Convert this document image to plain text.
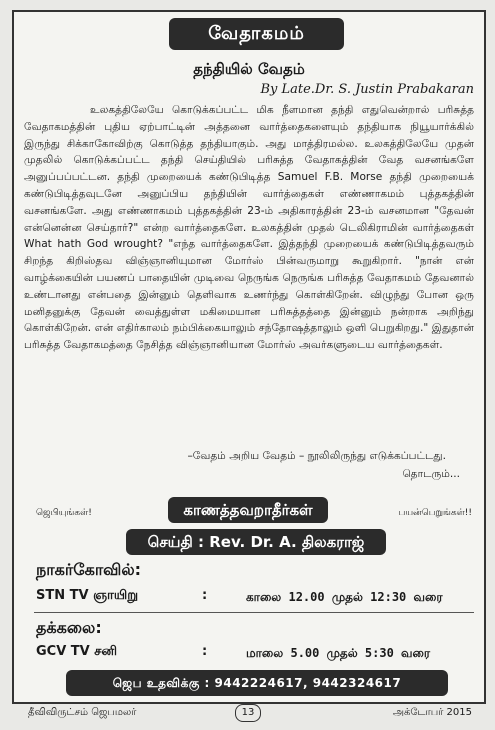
வேதாகமம்
தந்தியில் வேதம்
By Late.Dr. S. Justin Prabakaran

உலகத்திலேயே கொடுக்கப்பட்ட மிக நீளமான தந்தி எதுவென்றால் பரிசுத்த வேதாகமத்தின் புதிய ஏற்பாட்டின் அத்தனை வார்த்தைகளையும் தந்தியாக நியூயார்க்கில் இருந்து சிக்காகோவிற்கு கொடுத்த தந்தியாகும். அது மாத்திரமல்ல. உலகத்திலேயே முதன் முதலில் கொடுக்கப்பட்ட தந்தி செய்தியில் பரிசுத்த வேதாகத்தின் வேத வசனங்களே அனுப்பப்பட்டன. தந்தி முறையைக் கண்டுபிடித்த Samuel F.B. Morse தந்தி முறையைக் கண்டுபிடித்தவுடனே அனுப்பிய தந்தியின் வார்த்தைகள் எண்ணாகமம் புத்தகத்தின் வசனங்களே. அது எண்ணாகமம் புத்தகத்தின் 23-ம் அதிகாரத்தின் 23-ம் வசனமான "தேவன் என்னென்ன செய்தார்?" என்ற வார்த்தைகளே. உலகத்தின் முதல் டெலிகிராமின் வார்த்தைகள் What hath God wrought? "எந்த வார்த்தைகளே. இத்தந்தி முறையைக் கண்டுபிடித்தவரும் சிறந்த கிறிஸ்தவ விஞ்ஞானியுமான மோர்ஸ் பின்வருமாறு கூறுகிறார். "நான் என் வாழ்க்கையின் பயணப் பாதையின் முடிவை நெருங்க நெருங்க பரிசுத்த வேதாகமம் தேவனால் உண்டானது என்பதை இன்னும் தெளிவாக உணர்ந்து கொள்கிறேன். விழுந்து போன ஒரு மனிதனுக்கு தேவன் வைத்துள்ள மகிமையான பரிசுத்தத்தை இன்னும் நன்றாக அறிந்து கொள்கிறேன். என் எதிர்காலம் நம்பிக்கையாலும் சந்தோஷத்தாலும் ஒளி பெறுகிறது." இதுதான் பரிசுத்த வேதாகமத்தை நேசித்த விஞ்ஞானியான மோர்ஸ் அவர்களுடைய வார்த்தைகள்.

–வேதம் அறிய வேதம் – நூலிலிருந்து எடுக்கப்பட்டது.
தொடரும்...
ஜெபியுங்கள்!	பயன்பெறுங்கள்!!
காணத்தவறாதீர்கள்
செய்தி : Rev. Dr. A. திலகராஜ்
நாகர்கோவில்:
STN TV ஞாயிறு	:	காலை 12.00 முதல் 12:30 வரை
தக்கலை:
GCV TV சனி	:	மாலை 5.00 முதல் 5:30 வரை
ஜெப உதவிக்கு : 9442224617, 9442324617
தீவிவிருட்சம் ஜெபமலர்	13	அக்டோபர் 2015
